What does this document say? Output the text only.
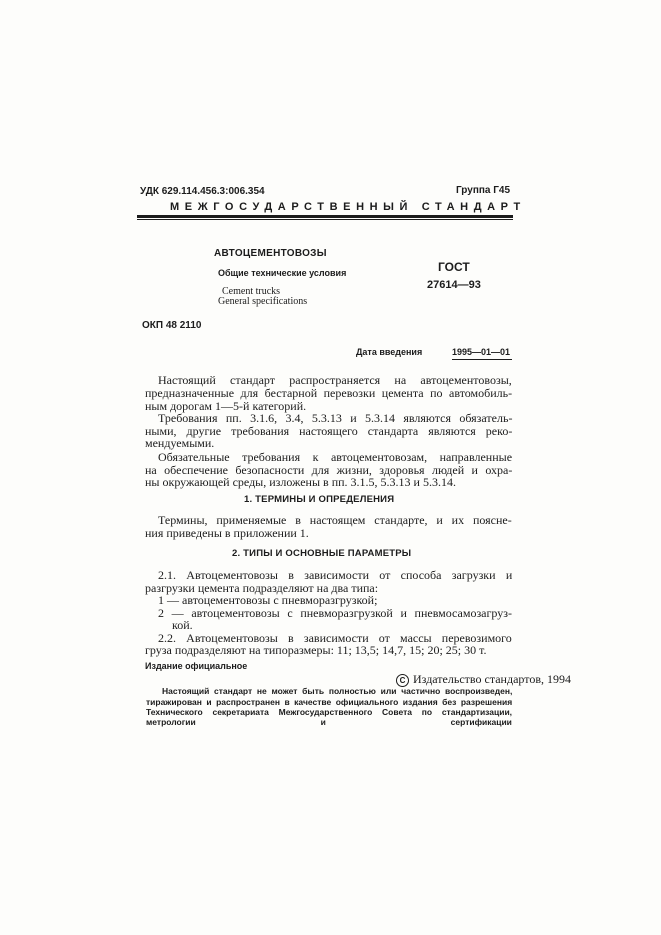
УДК 629.114.456.3:006.354	Группа Г45
МЕЖГОСУДАРСТВЕННЫЙ СТАНДАРТ
АВТОЦЕМЕНТОВОЗЫ
Общие технические условия
Cement trucks
General specifications
ГОСТ
27614—93
ОКП 48 2110
Дата введения	1995—01—01
Настоящий стандарт распространяется на автоцементовозы,
предназначенные для бестарной перевозки цемента по автомобиль-
ным дорогам 1—5-й категорий.
Требования пп. 3.1.6, 3.4, 5.3.13 и 5.3.14 являются обязатель-
ными, другие требования настоящего стандарта являются реко-
мендуемыми.
Обязательные требования к автоцементовозам, направленные
на обеспечение безопасности для жизни, здоровья людей и охра-
ны окружающей среды, изложены в пп. 3.1.5, 5.3.13 и 5.3.14.
1. ТЕРМИНЫ И ОПРЕДЕЛЕНИЯ
Термины, применяемые в настоящем стандарте, и их поясне-
ния приведены в приложении 1.
2. ТИПЫ И ОСНОВНЫЕ ПАРАМЕТРЫ
2.1. Автоцементовозы в зависимости от способа загрузки и
разгрузки цемента подразделяют на два типа:
1 — автоцементовозы с пневморазгрузкой;
2 — автоцементовозы с пневморазгрузкой и пневмосамозагруз-
кой.
2.2. Автоцементовозы в зависимости от массы перевозимого
груза подразделяют на типоразмеры: 11; 13,5; 14,7, 15; 20; 25; 30 т.
Издание официальное
С Издательство стандартов, 1994
Настоящий стандарт не может быть полностью или частично воспроизведен,
тиражирован и распространен в качестве официального издания без разрешения
Технического секретариата Межгосударственного Совета по стандартизации,
метрологии и сертификации
